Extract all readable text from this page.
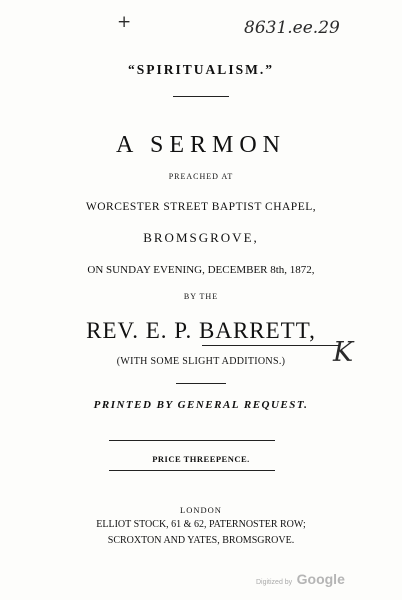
+	8631.ee.29
K
“SPIRITUALISM.”
A SERMON
PREACHED AT
WORCESTER STREET BAPTIST CHAPEL,
BROMSGROVE,
ON SUNDAY EVENING, DECEMBER 8th, 1872,
BY THE
REV. E. P. BARRETT,
(WITH SOME SLIGHT ADDITIONS.)
PRINTED BY GENERAL REQUEST.
PRICE THREEPENCE.
LONDON
ELLIOT STOCK, 61 & 62, PATERNOSTER ROW;
SCROXTON AND YATES, BROMSGROVE.
Digitized by Google
